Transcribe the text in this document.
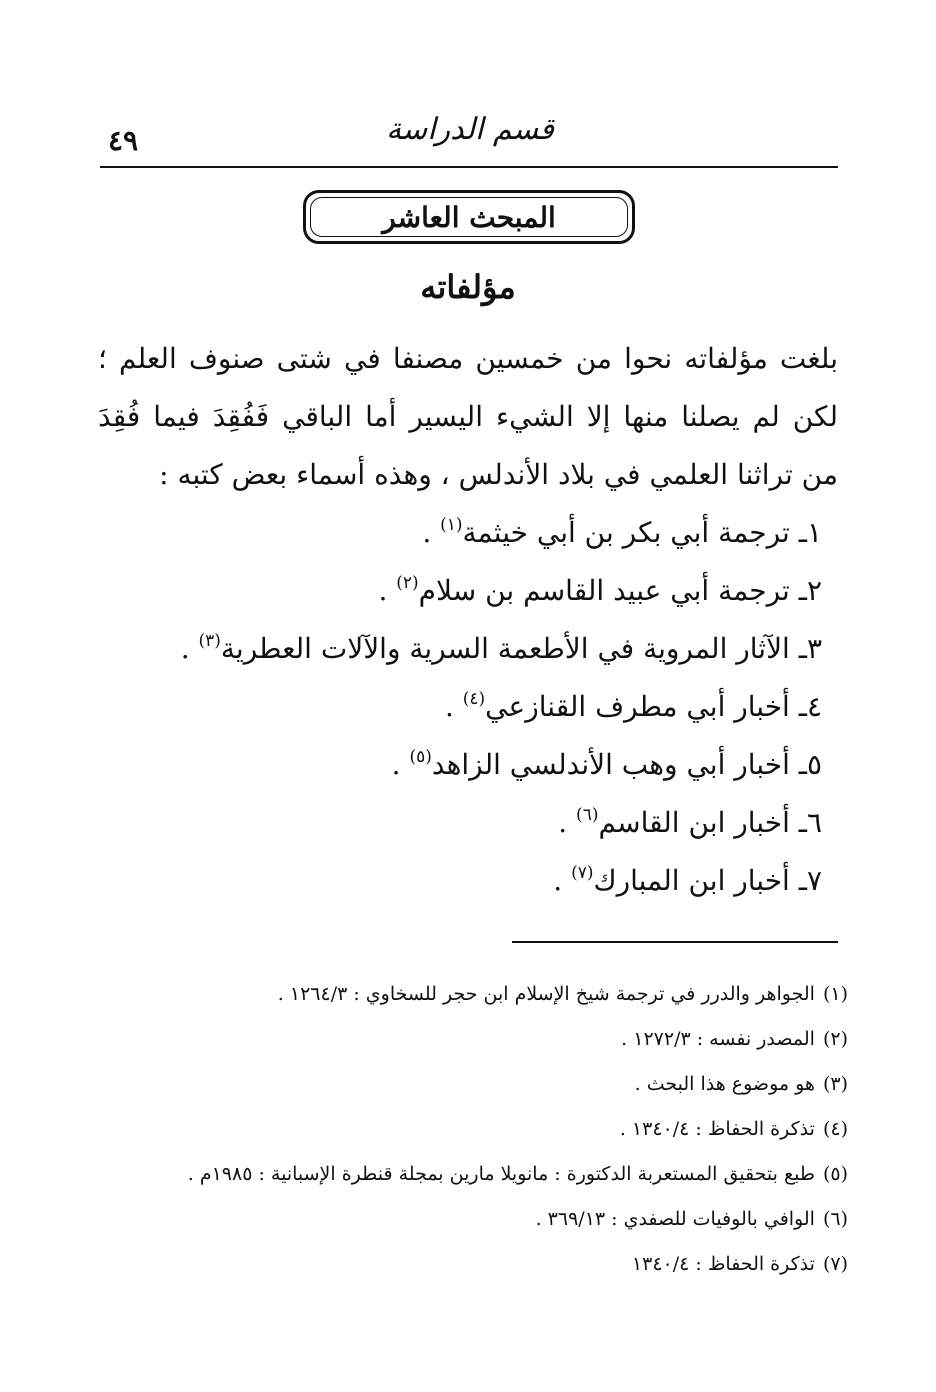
٤٩	قسم الدراسة
المبحث العاشر
مؤلفاته

بلغت مؤلفاته نحوا من خمسين مصنفا في شتى صنوف العلم ؛ لكن لم يصلنا منها إلا الشيء اليسير أما الباقي فَفُقِدَ فيما فُقِدَ من تراثنا العلمي في بلاد الأندلس ، وهذه أسماء بعض كتبه :

١ـ ترجمة أبي بكر بن أبي خيثمة$^{(١)}$ .
٢ـ ترجمة أبي عبيد القاسم بن سلام$^{(٢)}$ .
٣ـ الآثار المروية في الأطعمة السرية والآلات العطرية$^{(٣)}$ .
٤ـ أخبار أبي مطرف القنازعي$^{(٤)}$ .
٥ـ أخبار أبي وهب الأندلسي الزاهد$^{(٥)}$ .
٦ـ أخبار ابن القاسم$^{(٦)}$ .
٧ـ أخبار ابن المبارك$^{(٧)}$ .
(١)الجواهر والدرر في ترجمة شيخ الإسلام ابن حجر للسخاوي : ١٢٦٤/٣ .
(٢)المصدر نفسه : ١٢٧٢/٣ .
(٣)هو موضوع هذا البحث .
(٤)تذكرة الحفاظ : ١٣٤٠/٤ .
(٥)طبع بتحقيق المستعربة الدكتورة : مانويلا مارين بمجلة قنطرة الإسبانية : ١٩٨٥م .
(٦)الوافي بالوفيات للصفدي : ٣٦٩/١٣ .
(٧)تذكرة الحفاظ : ١٣٤٠/٤
